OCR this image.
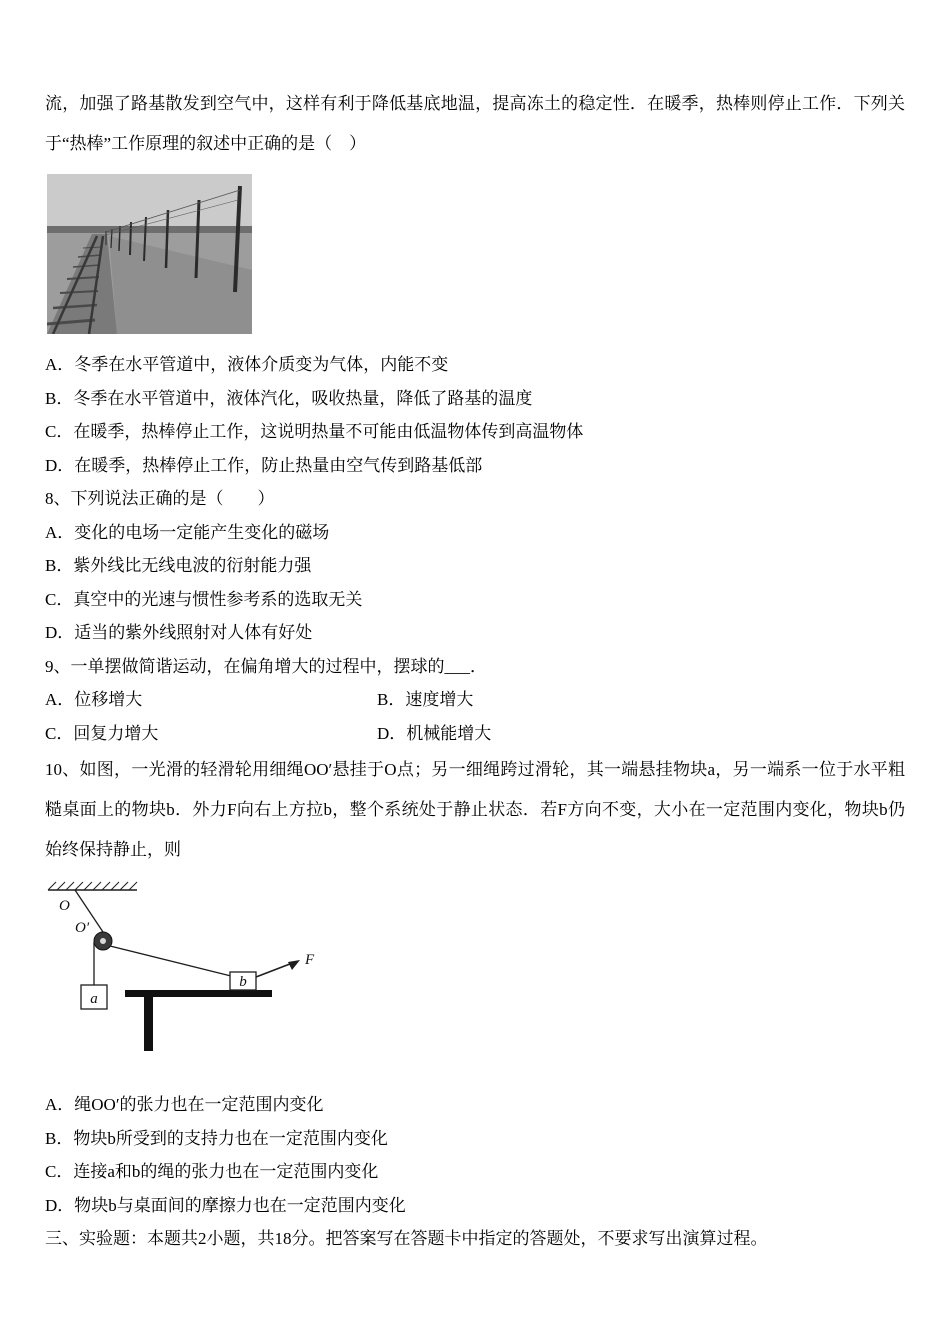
流，加强了路基散发到空气中，这样有利于降低基底地温，提高冻土的稳定性．在暖季，热棒则停止工作．下列关于“热棒”工作原理的叙述中正确的是（　）

A．冬季在水平管道中，液体介质变为气体，内能不变

B．冬季在水平管道中，液体汽化，吸收热量，降低了路基的温度

C．在暖季，热棒停止工作，这说明热量不可能由低温物体传到高温物体

D．在暖季，热棒停止工作，防止热量由空气传到路基低部

8、下列说法正确的是（　　）

A．变化的电场一定能产生变化的磁场

B．紫外线比无线电波的衍射能力强

C．真空中的光速与惯性参考系的选取无关

D．适当的紫外线照射对人体有好处

9、一单摆做简谐运动，在偏角增大的过程中，摆球的___．

A．位移增大	B．速度增大

C．回复力增大	D．机械能增大

10、如图，一光滑的轻滑轮用细绳OO′悬挂于O点；另一细绳跨过滑轮，其一端悬挂物块a，另一端系一位于水平粗糙桌面上的物块b．外力F向右上方拉b，整个系统处于静止状态．若F方向不变，大小在一定范围内变化，物块b仍始终保持静止，则

O
O′
a
b
F

A．绳OO′的张力也在一定范围内变化

B．物块b所受到的支持力也在一定范围内变化

C．连接a和b的绳的张力也在一定范围内变化

D．物块b与桌面间的摩擦力也在一定范围内变化

三、实验题：本题共2小题，共18分。把答案写在答题卡中指定的答题处，不要求写出演算过程。
